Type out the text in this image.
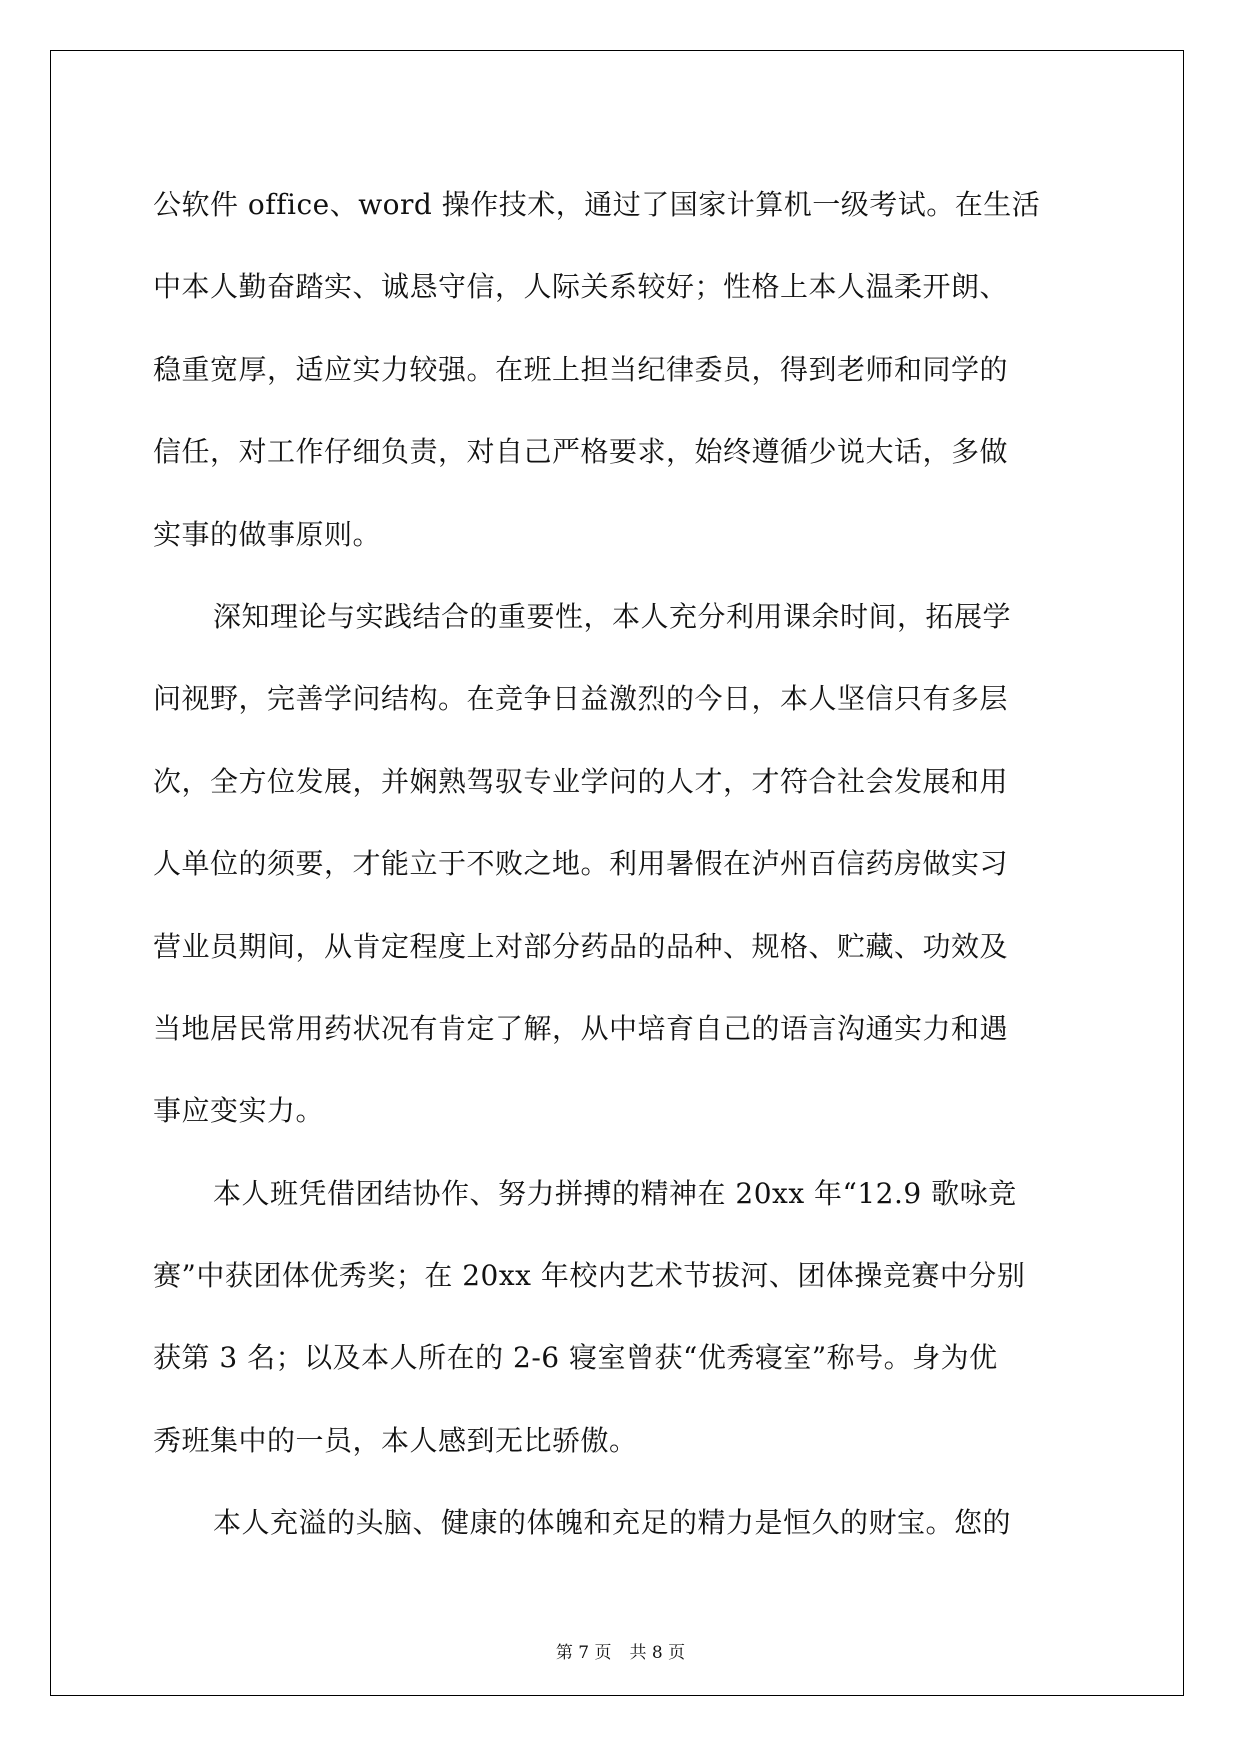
公软件 office、word 操作技术，通过了国家计算机一级考试。在生活
中本人勤奋踏实、诚恳守信，人际关系较好；性格上本人温柔开朗、
稳重宽厚，适应实力较强。在班上担当纪律委员，得到老师和同学的
信任，对工作仔细负责，对自己严格要求，始终遵循少说大话，多做
实事的做事原则。
深知理论与实践结合的重要性，本人充分利用课余时间，拓展学
问视野，完善学问结构。在竞争日益激烈的今日，本人坚信只有多层
次，全方位发展，并娴熟驾驭专业学问的人才，才符合社会发展和用
人单位的须要，才能立于不败之地。利用暑假在泸州百信药房做实习
营业员期间，从肯定程度上对部分药品的品种、规格、贮藏、功效及
当地居民常用药状况有肯定了解，从中培育自己的语言沟通实力和遇
事应变实力。
本人班凭借团结协作、努力拼搏的精神在 20xx 年“12.9 歌咏竞
赛”中获团体优秀奖；在 20xx 年校内艺术节拔河、团体操竞赛中分别
获第 3 名；以及本人所在的 2-6 寝室曾获“优秀寝室”称号。身为优
秀班集中的一员，本人感到无比骄傲。
本人充溢的头脑、健康的体魄和充足的精力是恒久的财宝。您的
第 7 页 共 8 页
